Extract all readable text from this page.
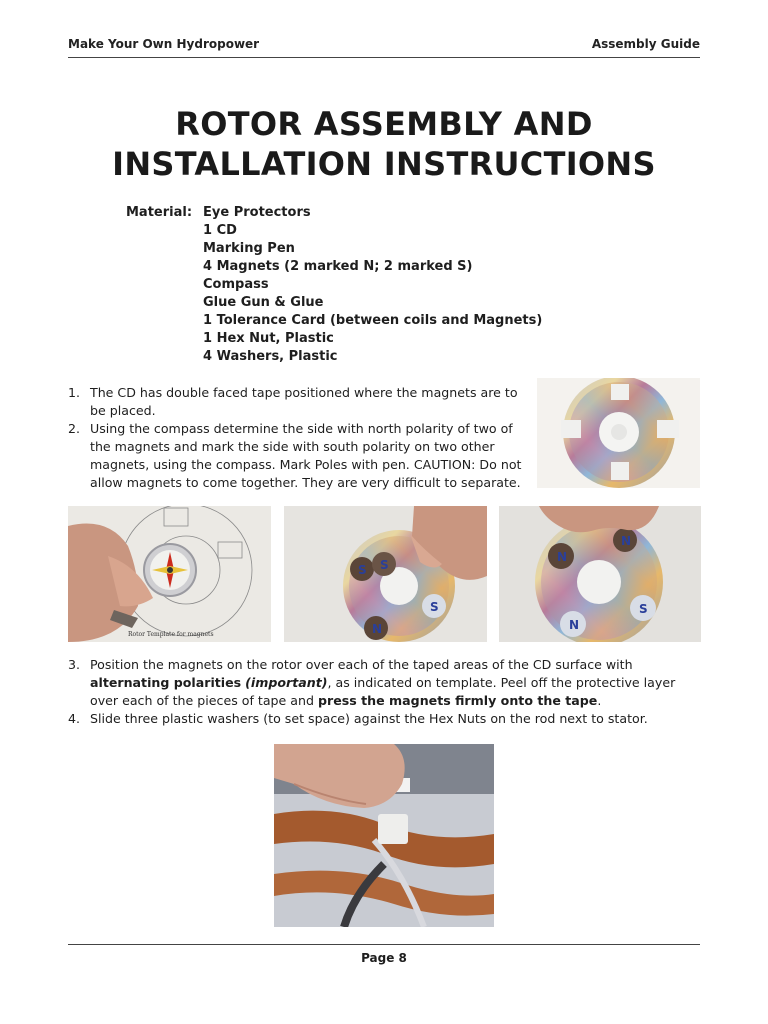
Make Your Own Hydropower	Assembly Guide
ROTOR ASSEMBLY AND INSTALLATION INSTRUCTIONS
Material: Eye Protectors
1 CD
Marking Pen
4 Magnets (2 marked N; 2 marked S)
Compass
Glue Gun & Glue
1 Tolerance Card (between coils and Magnets)
1 Hex Nut, Plastic
4 Washers, Plastic
1. The CD has double faced tape positioned where the magnets are to be placed.
2. Using the compass determine the side with north polarity of two of the magnets and mark the side with south polarity on two other magnets, using the compass. Mark Poles with pen. CAUTION: Do not allow magnets to come together. They are very difficult to separate.
Rotor Template for magnets
S S
N
S
N
N
N
S
3. Position the magnets on the rotor over each of the taped areas of the CD surface with alternating polarities (important), as indicated on template. Peel off the protective layer over each of the pieces of tape and press the magnets firmly onto the tape.
4. Slide three plastic washers (to set space) against the Hex Nuts on the rod next to stator.
Page 8
